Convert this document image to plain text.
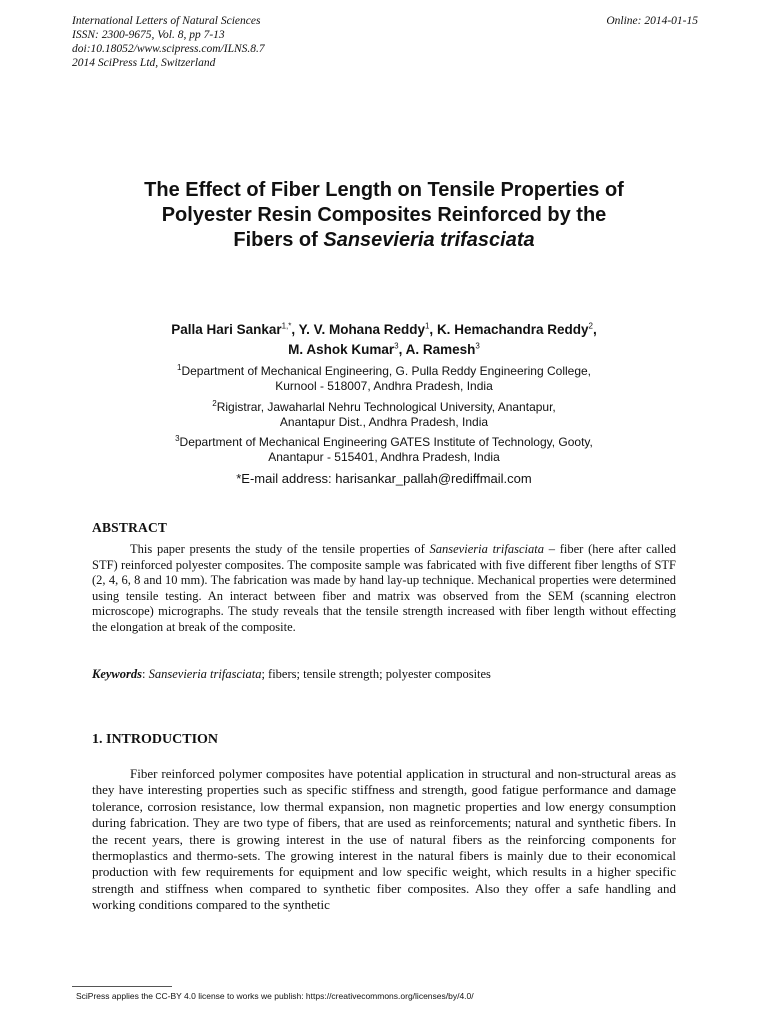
International Letters of Natural Sciences
ISSN: 2300-9675, Vol. 8, pp 7-13
doi:10.18052/www.scipress.com/ILNS.8.7
2014 SciPress Ltd, Switzerland
Online: 2014-01-15
The Effect of Fiber Length on Tensile Properties of
Polyester Resin Composites Reinforced by the
Fibers of Sansevieria trifasciata
Palla Hari Sankar$^{1,*}$, Y. V. Mohana Reddy$^1$, K. Hemachandra Reddy$^2$,
M. Ashok Kumar$^3$, A. Ramesh$^3$
$^1$Department of Mechanical Engineering, G. Pulla Reddy Engineering College,
Kurnool - 518007, Andhra Pradesh, India
$^2$Rigistrar, Jawaharlal Nehru Technological University, Anantapur,
Anantapur Dist., Andhra Pradesh, India
$^3$Department of Mechanical Engineering GATES Institute of Technology, Gooty,
Anantapur - 515401, Andhra Pradesh, India
*E-mail address: harisankar_pallah@rediffmail.com
ABSTRACT

This paper presents the study of the tensile properties of Sansevieria trifasciata – fiber (here after called STF) reinforced polyester composites. The composite sample was fabricated with five different fiber lengths of STF (2, 4, 6, 8 and 10 mm). The fabrication was made by hand lay-up technique. Mechanical properties were determined using tensile testing. An interact between fiber and matrix was observed from the SEM (scanning electron microscope) micrographs. The study reveals that the tensile strength increased with fiber length without effecting the elongation at break of the composite.

Keywords: Sansevieria trifasciata; fibers; tensile strength; polyester composites

1. INTRODUCTION

Fiber reinforced polymer composites have potential application in structural and non-structural areas as they have interesting properties such as specific stiffness and strength, good fatigue performance and damage tolerance, corrosion resistance, low thermal expansion, non magnetic properties and low energy consumption during fabrication. They are two type of fibers, that are used as reinforcements; natural and synthetic fibers. In the recent years, there is growing interest in the use of natural fibers as the reinforcing components for thermoplastics and thermo-sets. The growing interest in the natural fibers is mainly due to their economical production with few requirements for equipment and low specific weight, which results in a higher specific strength and stiffness when compared to synthetic fiber composites. Also they offer a safe handling and working conditions compared to the synthetic

SciPress applies the CC-BY 4.0 license to works we publish: https://creativecommons.org/licenses/by/4.0/
